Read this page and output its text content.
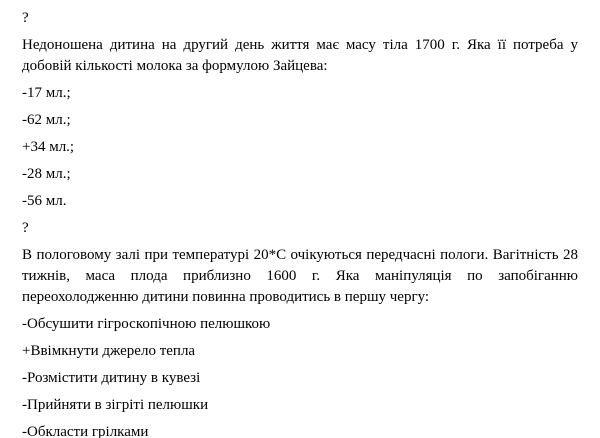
?
Недоношена дитина на другий день життя має масу тіла 1700 г. Яка її потреба у добовій кількості молока за формулою Зайцева:
-17 мл.;
-62 мл.;
+34 мл.;
-28 мл.;
-56 мл.
?
В пологовому залі при температурі 20*С очікуються передчасні пологи. Вагітність 28 тижнів, маса плода приблизно 1600 г. Яка маніпуляція по запобіганню переохолодженню дитини повинна проводитись в першу чергу:
-Обсушити гігроскопічною пелюшкою
+Ввімкнути джерело тепла
-Розмістити дитину в кувезі
-Прийняти в зігріті пелюшки
-Обкласти грілками
